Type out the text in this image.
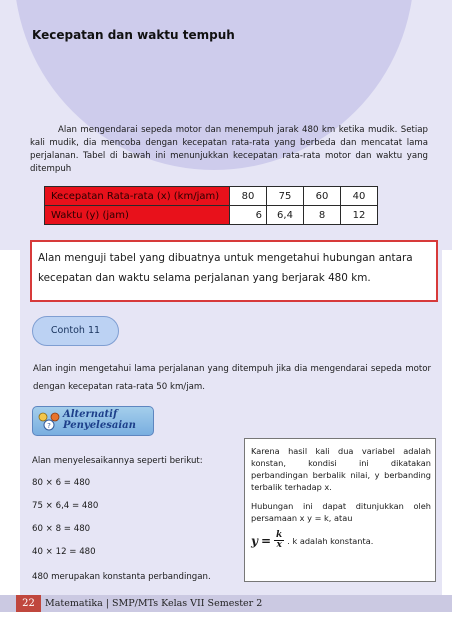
Kecepatan dan waktu tempuh
Alan mengendarai sepeda motor dan menempuh jarak 480 km ketika mudik. Setiap kali mudik, dia mencoba dengan kecepatan rata-rata yang berbeda dan mencatat lama perjalanan. Tabel di bawah ini menunjukkan kecepatan rata-rata motor dan waktu yang ditempuh
Kecepatan Rata-rata (x) (km/jam)	80	75	60	40
Waktu (y) (jam)	6	6,4	8	12
Alan menguji tabel yang dibuatnya untuk mengetahui hubungan antara kecepatan dan waktu selama perjalanan yang berjarak 480 km.
Contoh 11
Alan ingin mengetahui lama perjalanan yang ditempuh jika dia mengendarai sepeda motor dengan kecepatan rata-rata 50 km/jam.
?
Alternatif
Penyelesaian
Alan menyelesaikannya seperti berikut:
80 × 6 = 480
75 × 6,4 = 480
60 × 8 = 480
40 × 12 = 480
480 merupakan konstanta perbandingan.

Karena hasil kali dua variabel adalah konstan, kondisi ini dikatakan perbandingan berbalik nilai, y berbanding terbalik terhadap x.

Hubungan ini dapat ditunjukkan oleh persamaan x y = k, atau

$y = \frac{k}{x}$ . k adalah konstanta.
22	Matematika | SMP/MTs Kelas VII Semester 2
